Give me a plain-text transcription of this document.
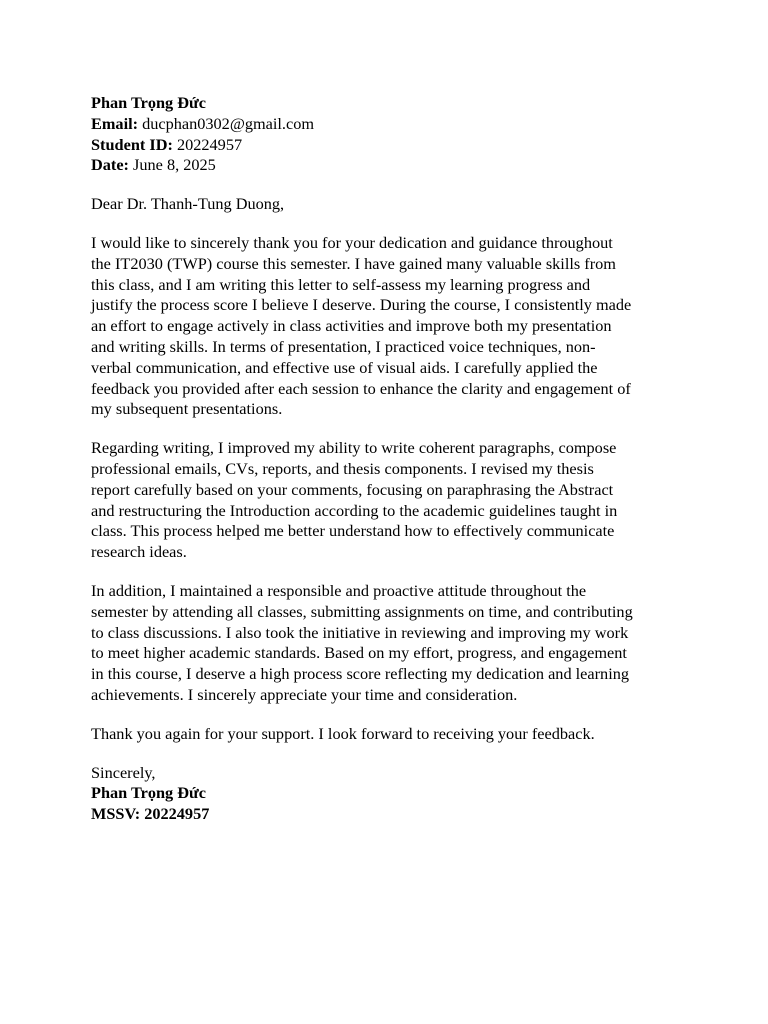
Phan Trọng Đức
Email: ducphan0302@gmail.com
Student ID: 20224957
Date: June 8, 2025
Dear Dr. Thanh-Tung Duong,
I would like to sincerely thank you for your dedication and guidance throughout
the IT2030 (TWP) course this semester. I have gained many valuable skills from
this class, and I am writing this letter to self-assess my learning progress and
justify the process score I believe I deserve. During the course, I consistently made
an effort to engage actively in class activities and improve both my presentation
and writing skills. In terms of presentation, I practiced voice techniques, non-
verbal communication, and effective use of visual aids. I carefully applied the
feedback you provided after each session to enhance the clarity and engagement of
my subsequent presentations.
Regarding writing, I improved my ability to write coherent paragraphs, compose
professional emails, CVs, reports, and thesis components. I revised my thesis
report carefully based on your comments, focusing on paraphrasing the Abstract
and restructuring the Introduction according to the academic guidelines taught in
class. This process helped me better understand how to effectively communicate
research ideas.
In addition, I maintained a responsible and proactive attitude throughout the
semester by attending all classes, submitting assignments on time, and contributing
to class discussions. I also took the initiative in reviewing and improving my work
to meet higher academic standards. Based on my effort, progress, and engagement
in this course, I deserve a high process score reflecting my dedication and learning
achievements. I sincerely appreciate your time and consideration.
Thank you again for your support. I look forward to receiving your feedback.
Sincerely,
Phan Trọng Đức
MSSV: 20224957
